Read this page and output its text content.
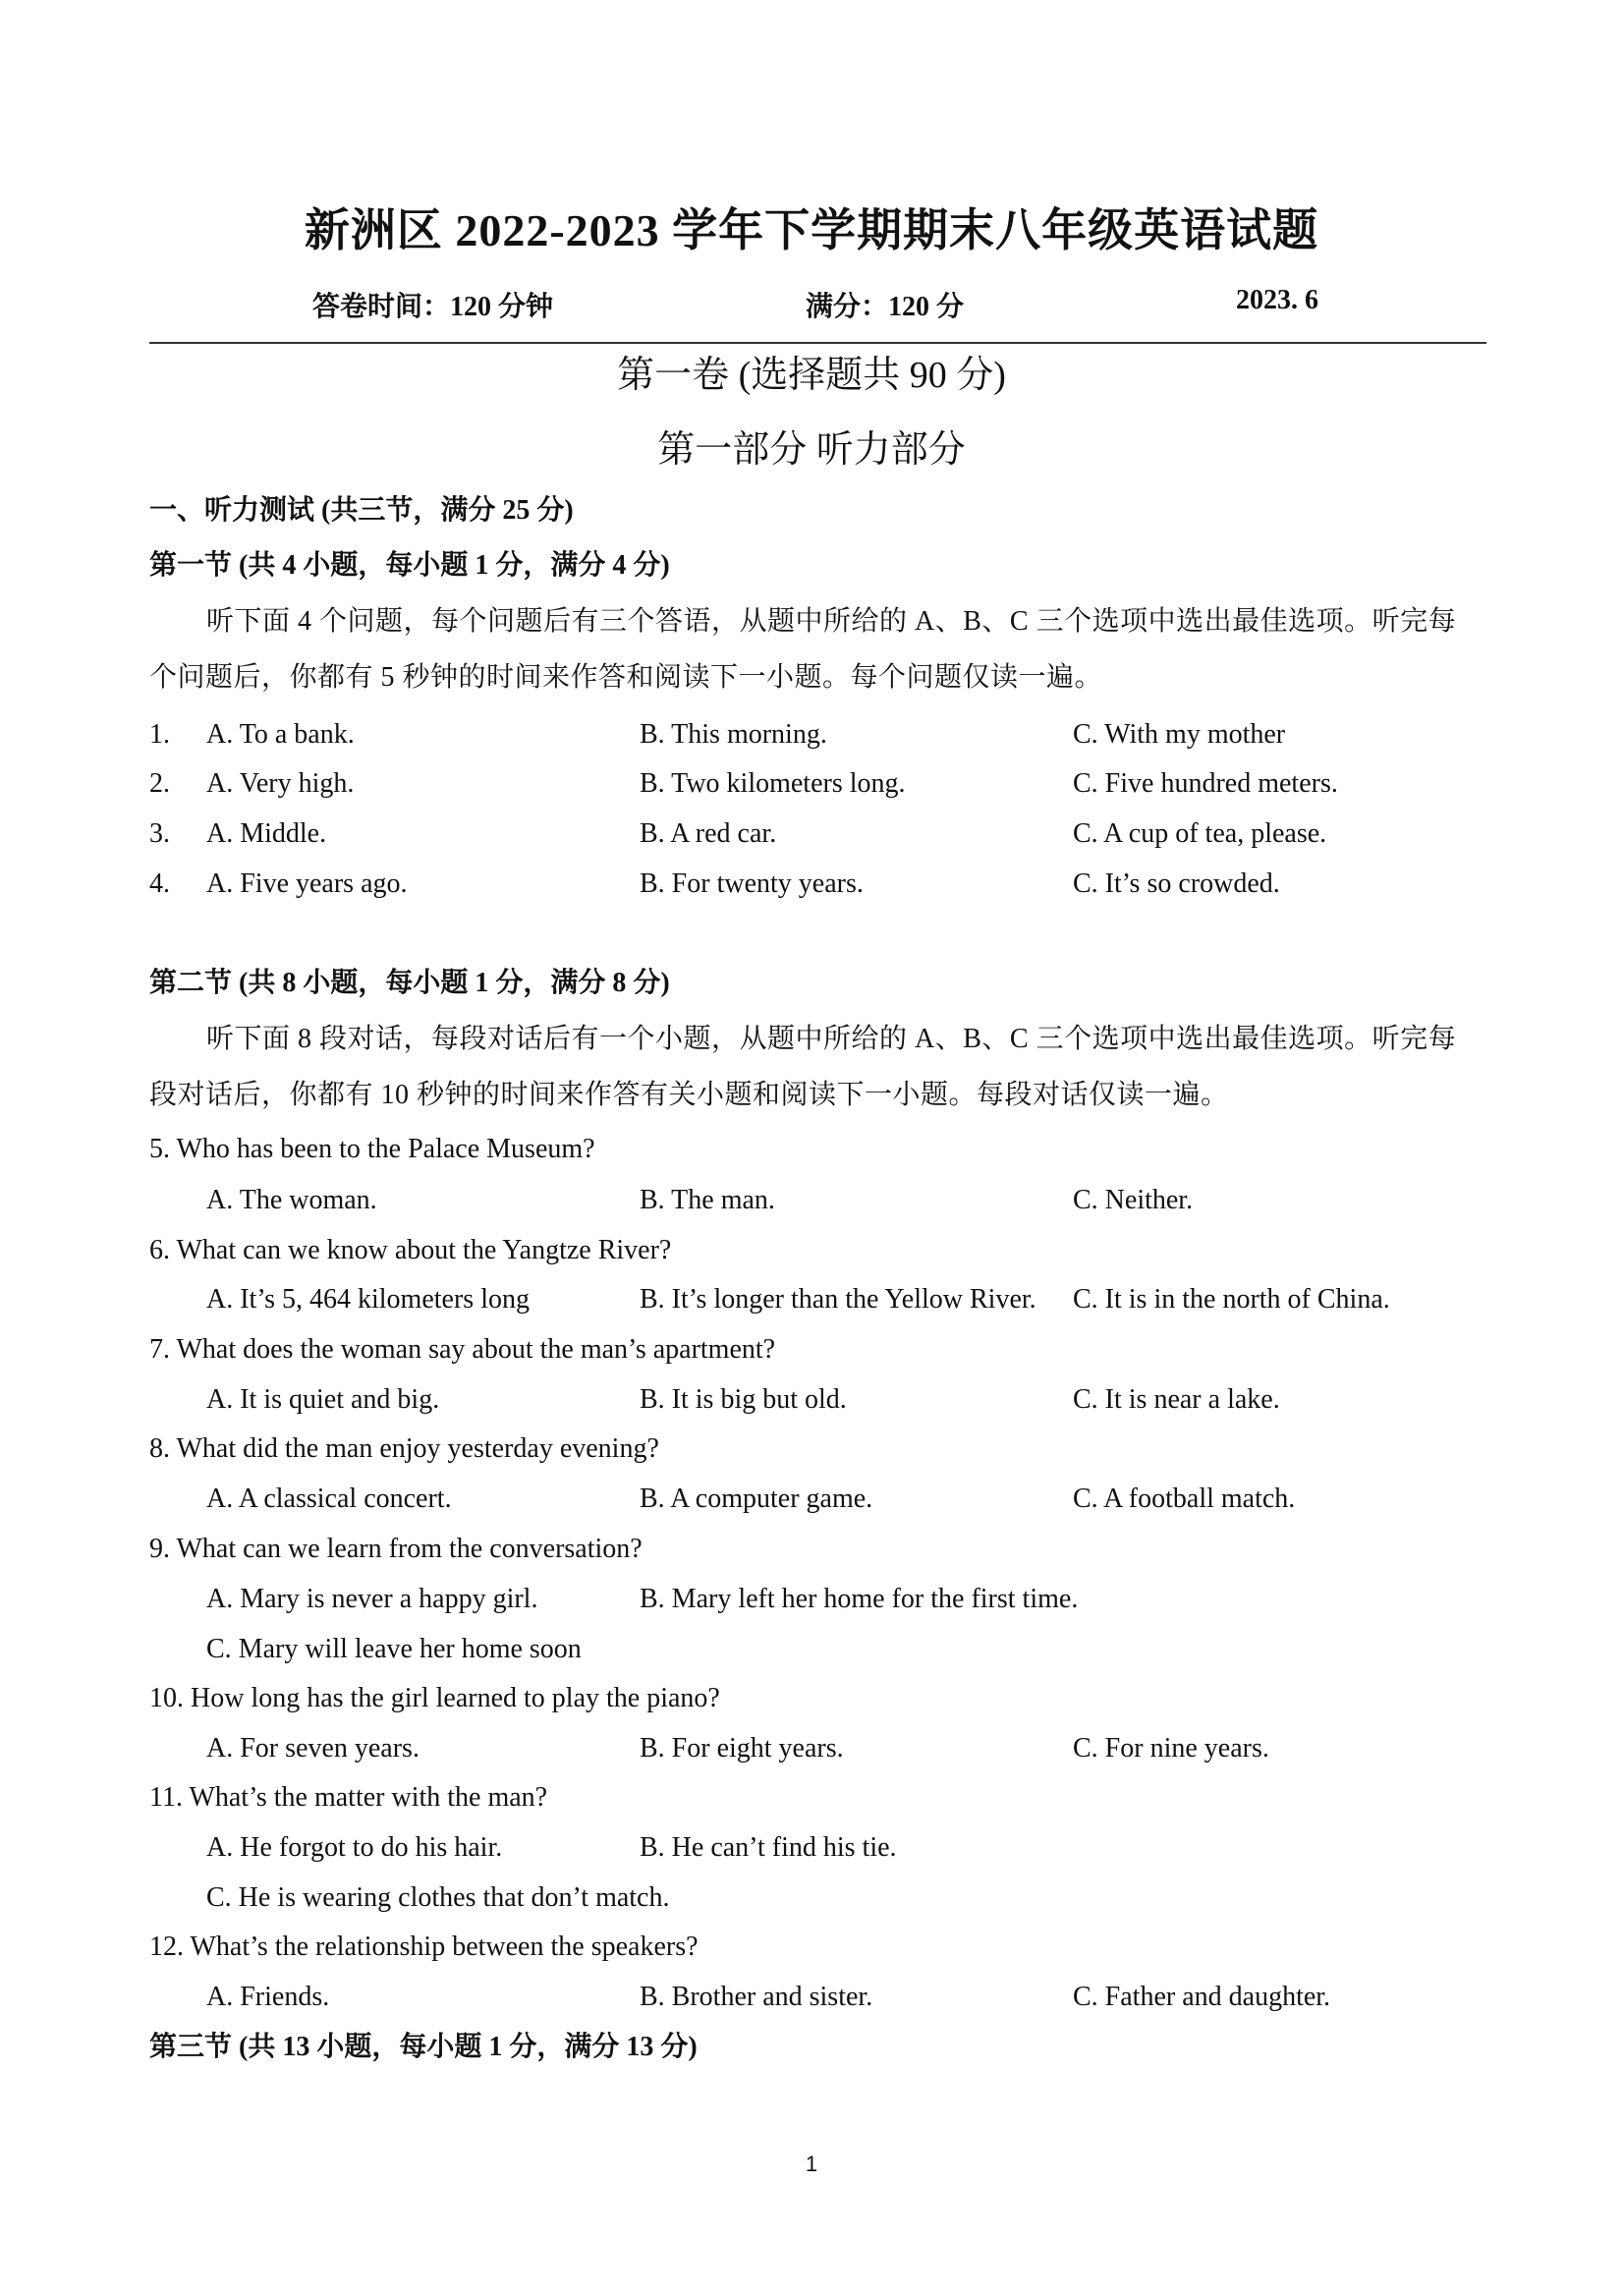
新洲区 2022-2023 学年下学期期末八年级英语试题
答卷时间：120 分钟	满分：120 分	2023. 6
第一卷 (选择题共 90 分)
第一部分 听力部分
一、听力测试 (共三节，满分 25 分)
第一节 (共 4 小题，每小题 1 分，满分 4 分)
听下面 4 个问题，每个问题后有三个答语，从题中所给的 A、B、C 三个选项中选出最佳选项。听完每
个问题后，你都有 5 秒钟的时间来作答和阅读下一小题。每个问题仅读一遍。
1. A. To a bank.	B. This morning.	C. With my mother
2. A. Very high.	B. Two kilometers long.	C. Five hundred meters.
3. A. Middle.	B. A red car.	C. A cup of tea, please.
4. A. Five years ago.	B. For twenty years.	C. It’s so crowded.
第二节 (共 8 小题，每小题 1 分，满分 8 分)
听下面 8 段对话，每段对话后有一个小题，从题中所给的 A、B、C 三个选项中选出最佳选项。听完每
段对话后，你都有 10 秒钟的时间来作答有关小题和阅读下一小题。每段对话仅读一遍。
5. Who has been to the Palace Museum?
A. The woman.	B. The man.	C. Neither.
6. What can we know about the Yangtze River?
A. It’s 5, 464 kilometers long	B. It’s longer than the Yellow River. C. It is in the north of China.
7. What does the woman say about the man’s apartment?
A. It is quiet and big.	B. It is big but old.	C. It is near a lake.
8. What did the man enjoy yesterday evening?
A. A classical concert.	B. A computer game.	C. A football match.
9. What can we learn from the conversation?
A. Mary is never a happy girl.	B. Mary left her home for the first time.
C. Mary will leave her home soon
10. How long has the girl learned to play the piano?
A. For seven years.	B. For eight years.	C. For nine years.
11. What’s the matter with the man?
A. He forgot to do his hair.	B. He can’t find his tie.
C. He is wearing clothes that don’t match.
12. What’s the relationship between the speakers?
A. Friends.	B. Brother and sister.	C. Father and daughter.
第三节 (共 13 小题，每小题 1 分，满分 13 分)
1
